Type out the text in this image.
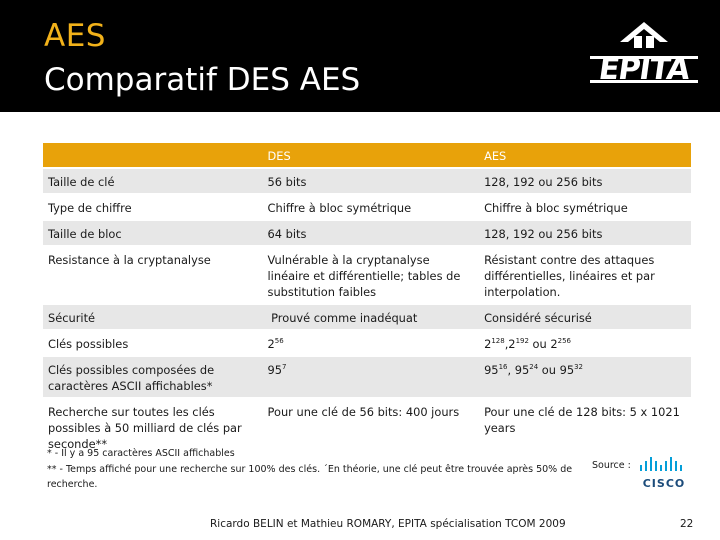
AES
Comparatif DES AES	EPITA
	DES	AES
Taille de clé	56 bits	128, 192 ou 256 bits
Type de chiffre	Chiffre à bloc symétrique	Chiffre à bloc symétrique
Taille de bloc	64 bits	128, 192 ou 256 bits
Resistance à la cryptanalyse	Vulnérable à la cryptanalyse linéaire et différentielle; tables de substitution faibles	Résistant contre des attaques différentielles, linéaires et par interpolation.
Sécurité	Prouvé comme inadéquat	Considéré sécurisé
Clés possibles	$2^{56}$	$2^{128},2^{192}$ ou $2^{256}$
Clés possibles composées de caractères ASCII affichables*	$95^7$	$95^{16}$, $95^{24}$ ou $95^{32}$
Recherche sur toutes les clés possibles à 50 milliard de clés par seconde**	Pour une clé de 56 bits: 400 jours	Pour une clé de 128 bits: 5 x 1021 years
* - Il y a 95 caractères ASCII affichables
** - Temps affiché pour une recherche sur 100% des clés. ´En théorie, une clé peut être trouvée après 50% de recherche.
Source :
CISCO
Ricardo BELIN et Mathieu ROMARY, EPITA spécialisation TCOM 2009	22
